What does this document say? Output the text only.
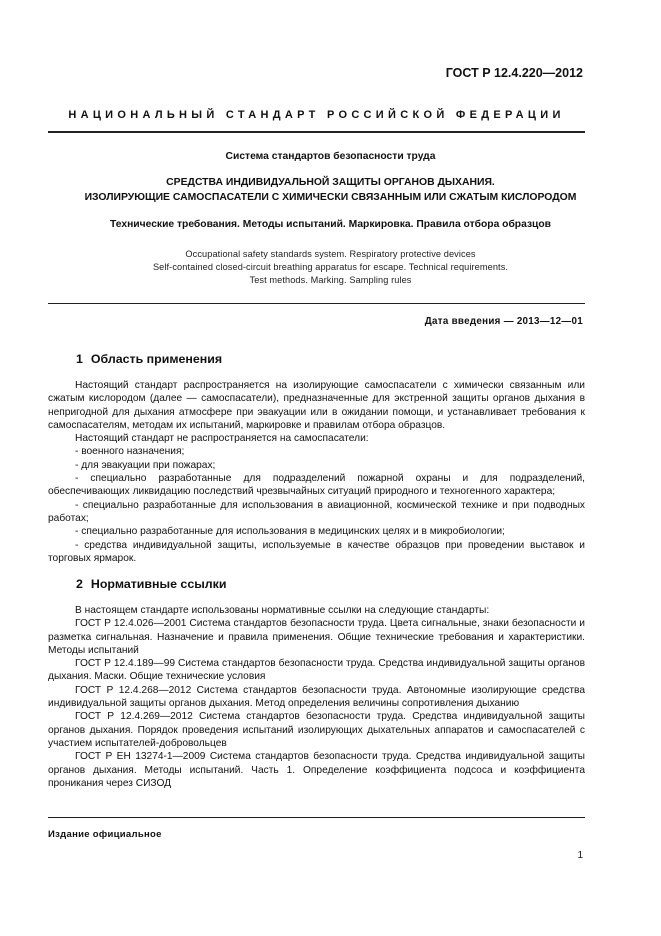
ГОСТ Р 12.4.220—2012
НАЦИОНАЛЬНЫЙ СТАНДАРТ РОССИЙСКОЙ ФЕДЕРАЦИИ
Система стандартов безопасности труда
СРЕДСТВА ИНДИВИДУАЛЬНОЙ ЗАЩИТЫ ОРГАНОВ ДЫХАНИЯ.
ИЗОЛИРУЮЩИЕ САМОСПАСАТЕЛИ С ХИМИЧЕСКИ СВЯЗАННЫМ ИЛИ СЖАТЫМ КИСЛОРОДОМ
Технические требования. Методы испытаний. Маркировка. Правила отбора образцов
Occupational safety standards system. Respiratory protective devices
Self-contained closed-circuit breathing apparatus for escape. Technical requirements.
Test methods. Marking. Sampling rules
Дата введения — 2013—12—01
1 Область применения

Настоящий стандарт распространяется на изолирующие самоспасатели с химически связанным или сжатым кислородом (далее — самоспасатели), предназначенные для экстренной защиты органов дыхания в непригодной для дыхания атмосфере при эвакуации или в ожидании помощи, и устанавливает требования к самоспасателям, методам их испытаний, маркировке и правилам отбора образцов.

Настоящий стандарт не распространяется на самоспасатели:

- военного назначения;

- для эвакуации при пожарах;

- специально разработанные для подразделений пожарной охраны и для подразделений, обеспечивающих ликвидацию последствий чрезвычайных ситуаций природного и техногенного характера;

- специально разработанные для использования в авиационной, космической технике и при подводных работах;

- специально разработанные для использования в медицинских целях и в микробиологии;

- средства индивидуальной защиты, используемые в качестве образцов при проведении выставок и торговых ярмарок.

2 Нормативные ссылки

В настоящем стандарте использованы нормативные ссылки на следующие стандарты:

ГОСТ Р 12.4.026—2001 Система стандартов безопасности труда. Цвета сигнальные, знаки безопасности и разметка сигнальная. Назначение и правила применения. Общие технические требования и характеристики. Методы испытаний

ГОСТ Р 12.4.189—99 Система стандартов безопасности труда. Средства индивидуальной защиты органов дыхания. Маски. Общие технические условия

ГОСТ Р 12.4.268—2012 Система стандартов безопасности труда. Автономные изолирующие средства индивидуальной защиты органов дыхания. Метод определения величины сопротивления дыханию

ГОСТ Р 12.4.269—2012 Система стандартов безопасности труда. Средства индивидуальной защиты органов дыхания. Порядок проведения испытаний изолирующих дыхательных аппаратов и самоспасателей с участием испытателей-добровольцев

ГОСТ Р ЕН 13274-1—2009 Система стандартов безопасности труда. Средства индивидуальной защиты органов дыхания. Методы испытаний. Часть 1. Определение коэффициента подсоса и коэффициента проникания через СИЗОД

Издание официальное
1
